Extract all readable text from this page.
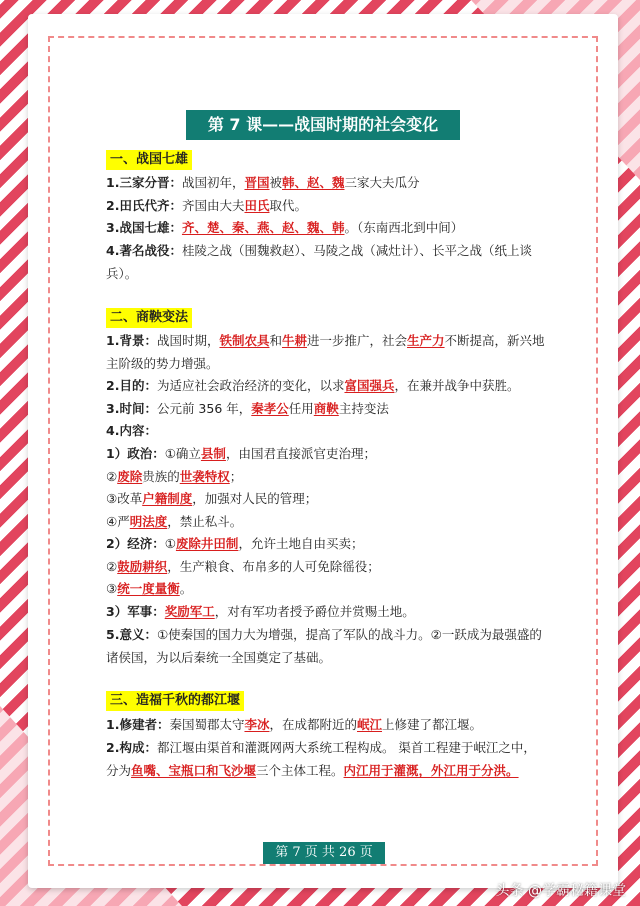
第 7 课——战国时期的社会变化
一、战国七雄
1.三家分晋：战国初年，晋国被韩、赵、魏三家大夫瓜分
2.田氏代齐：齐国由大夫田氏取代。
3.战国七雄：齐、楚、秦、燕、赵、魏、韩。（东南西北到中间）
4.著名战役：桂陵之战（围魏救赵）、马陵之战（减灶计）、长平之战（纸上谈兵）。
二、商鞅变法
1.背景：战国时期，铁制农具和牛耕进一步推广，社会生产力不断提高，新兴地主阶级的势力增强。
2.目的：为适应社会政治经济的变化，以求富国强兵，在兼并战争中获胜。
3.时间：公元前 356 年，秦孝公任用商鞅主持变法
4.内容：
1）政治：①确立县制，由国君直接派官吏治理；
②废除贵族的世袭特权；
③改革户籍制度，加强对人民的管理；
④严明法度，禁止私斗。
2）经济：①废除井田制，允许土地自由买卖；
②鼓励耕织，生产粮食、布帛多的人可免除徭役；
③统一度量衡。
3）军事：奖励军工，对有军功者授予爵位并赏赐土地。
5.意义：①使秦国的国力大为增强，提高了军队的战斗力。②一跃成为最强盛的诸侯国，为以后秦统一全国奠定了基础。
三、造福千秋的都江堰
1.修建者：秦国蜀郡太守李冰，在成都附近的岷江上修建了都江堰。
2.构成：都江堰由渠首和灌溉网两大系统工程构成。 渠首工程建于岷江之中，分为鱼嘴、宝瓶口和飞沙堰三个主体工程。内江用于灌溉，外江用于分洪。
第 7 页 共 26 页
头条 @学霸秘籍课堂
